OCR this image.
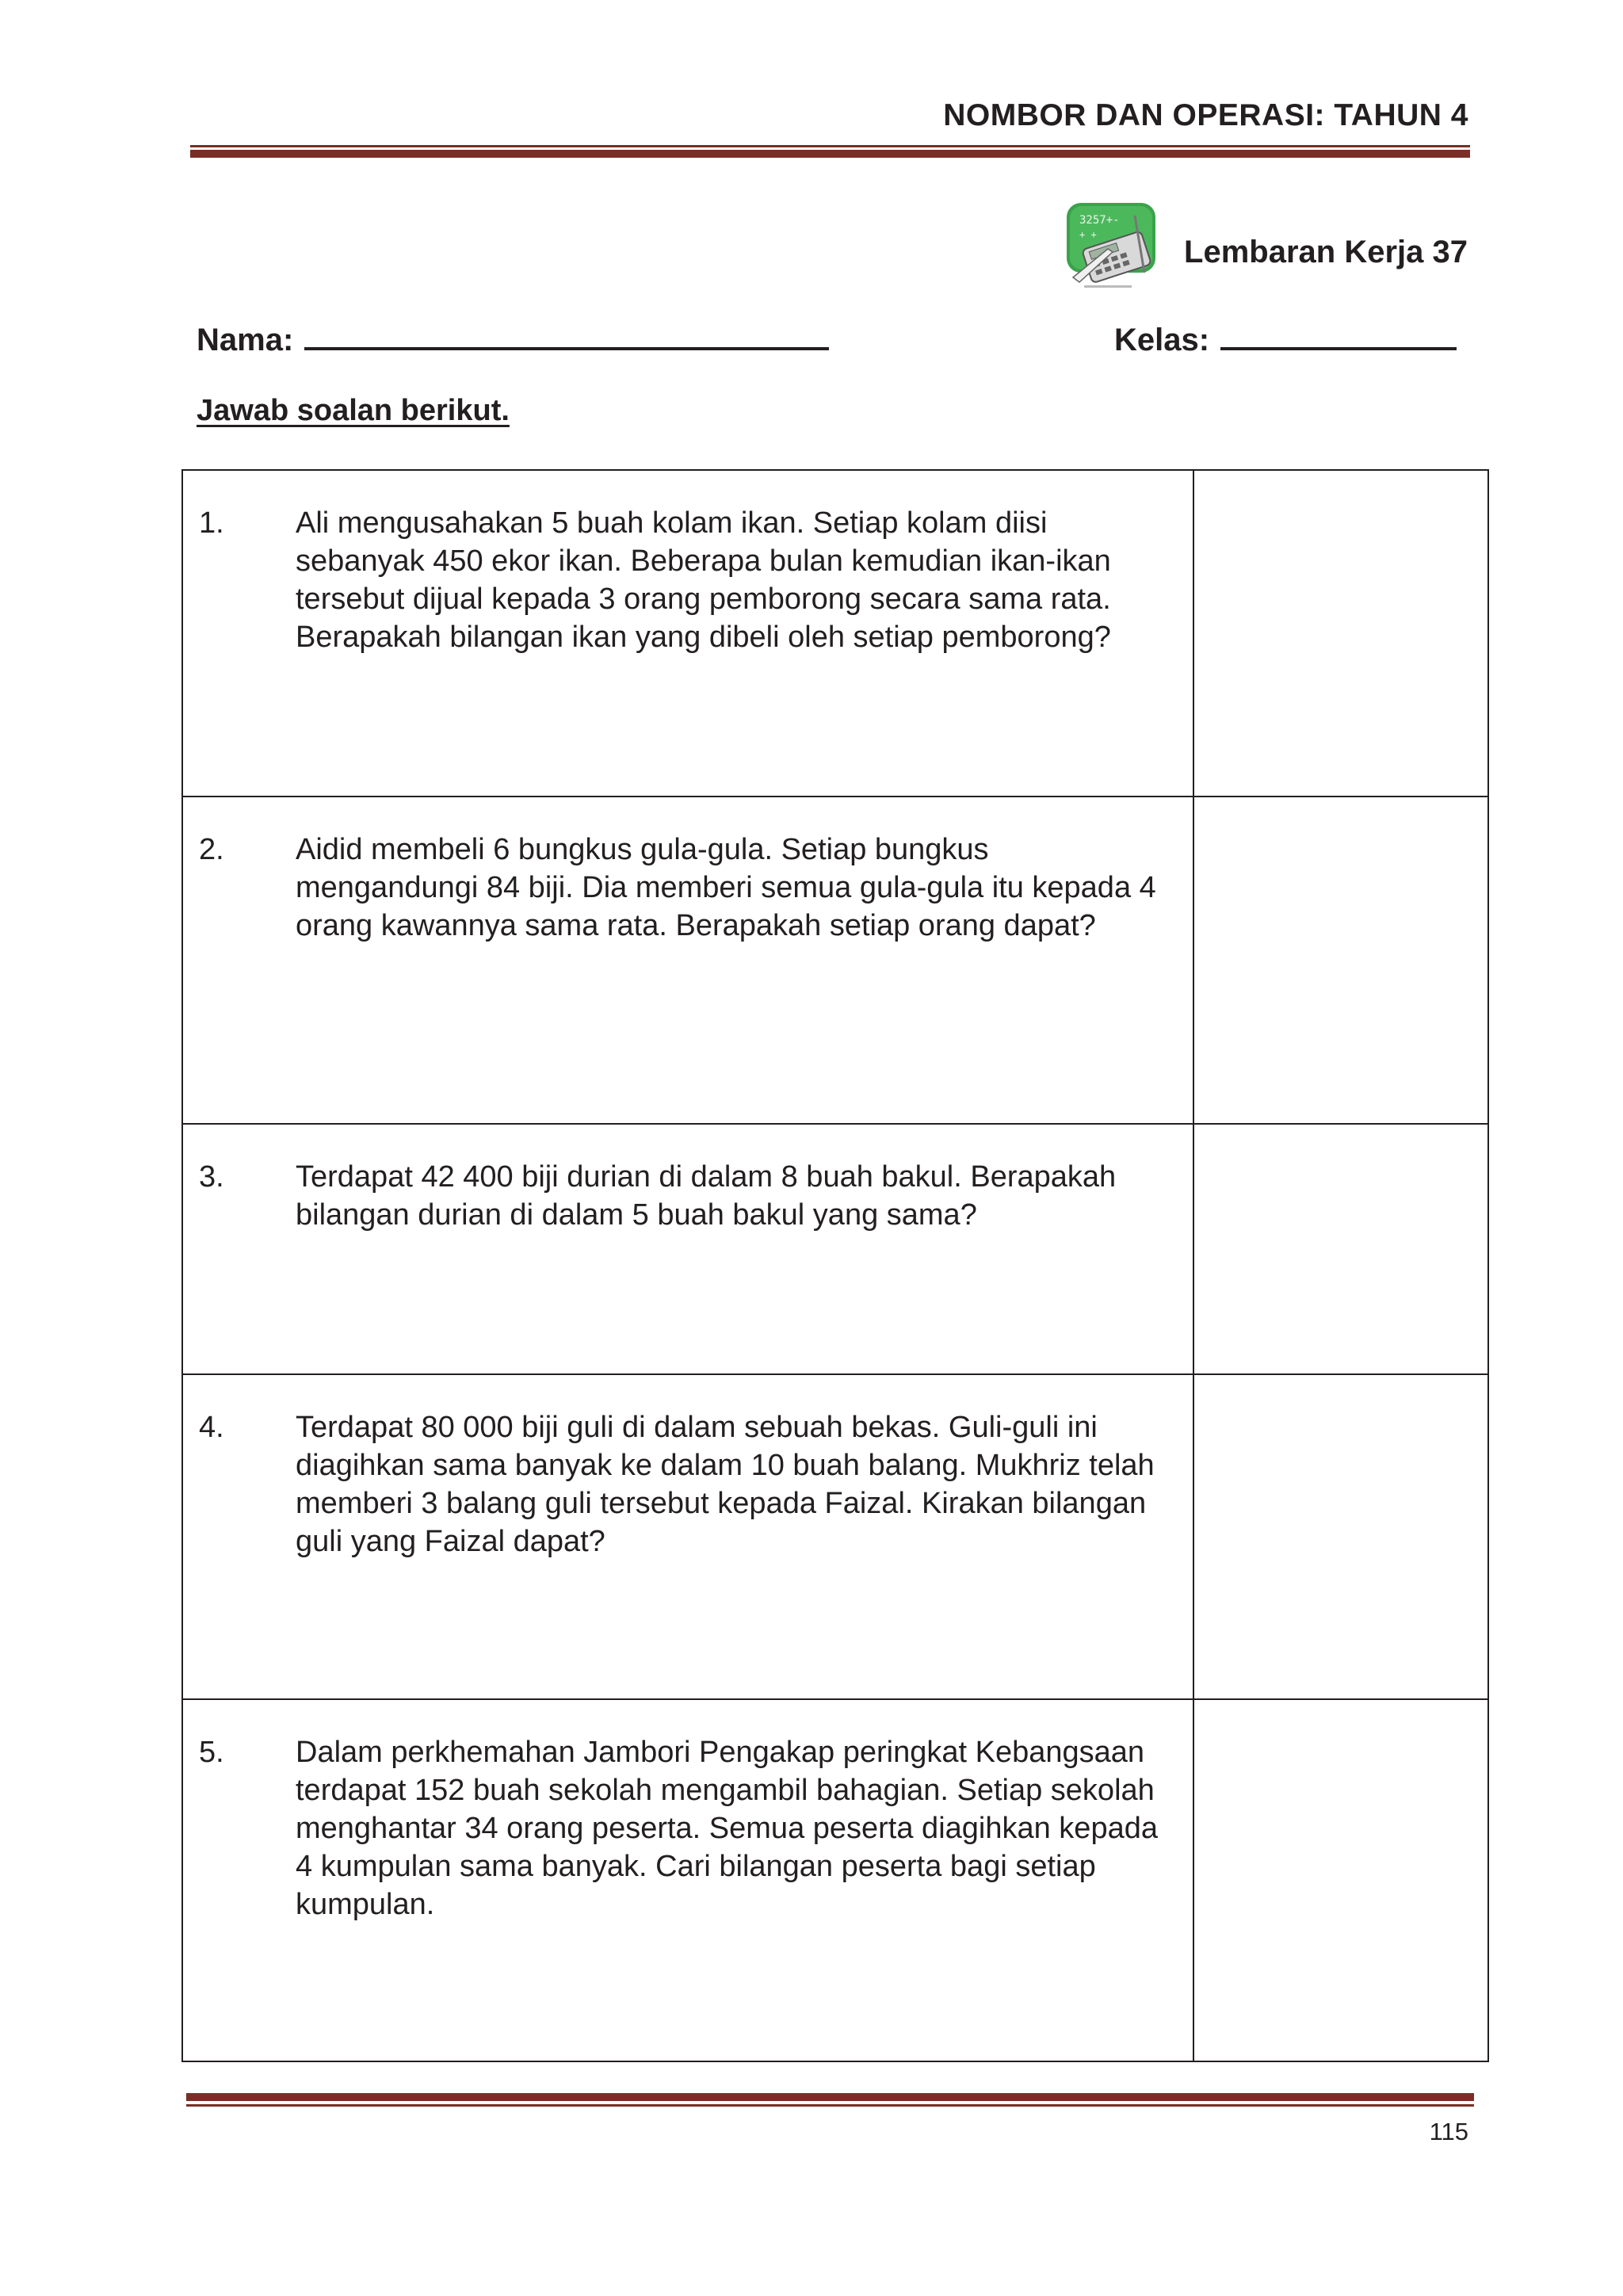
NOMBOR DAN OPERASI: TAHUN 4
3257+-
+ +	Lembaran Kerja 37
Nama:	Kelas:
Jawab soalan berikut.
1. Ali mengusahakan 5 buah kolam ikan. Setiap kolam diisi sebanyak 450 ekor ikan. Beberapa bulan kemudian ikan-ikan tersebut dijual kepada 3 orang pemborong secara sama rata. Berapakah bilangan ikan yang dibeli oleh setiap pemborong?	

2. Aidid membeli 6 bungkus gula-gula. Setiap bungkus mengandungi 84 biji. Dia memberi semua gula-gula itu kepada 4 orang kawannya sama rata. Berapakah setiap orang dapat?	

3. Terdapat 42 400 biji durian di dalam 8 buah bakul. Berapakah bilangan durian di dalam 5 buah bakul yang sama?	

4. Terdapat 80 000 biji guli di dalam sebuah bekas. Guli-guli ini diagihkan sama banyak ke dalam 10 buah balang. Mukhriz telah memberi 3 balang guli tersebut kepada Faizal. Kirakan bilangan guli yang Faizal dapat?	

5. Dalam perkhemahan Jambori Pengakap peringkat Kebangsaan terdapat 152 buah sekolah mengambil bahagian. Setiap sekolah menghantar 34 orang peserta. Semua peserta diagihkan kepada 4 kumpulan sama banyak. Cari bilangan peserta bagi setiap kumpulan.	

115
